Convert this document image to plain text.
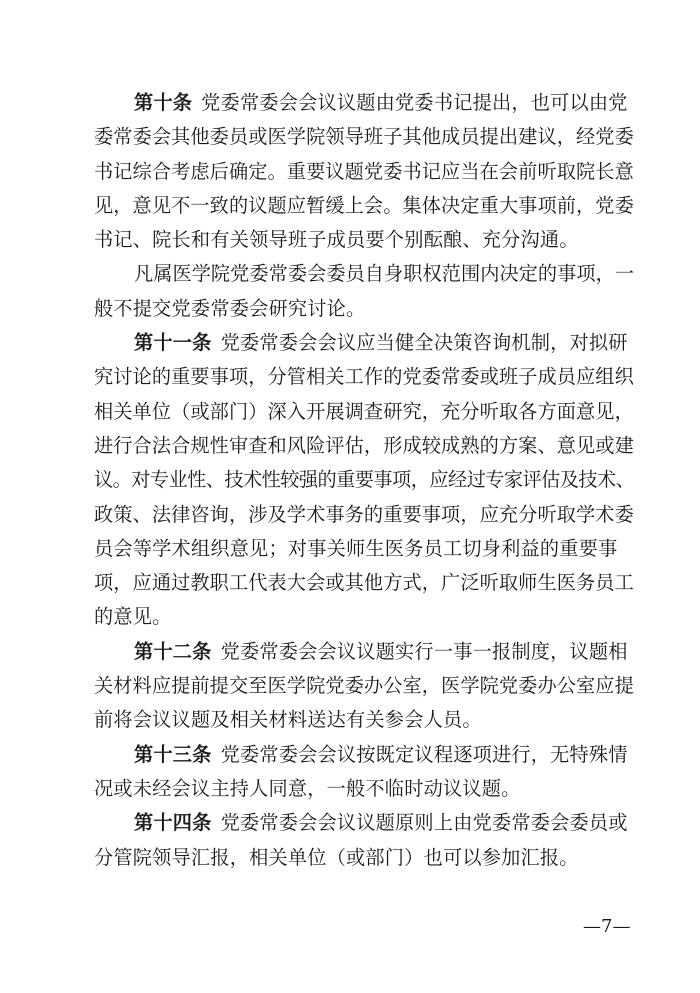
第十条 党委常委会会议议题由党委书记提出，也可以由党
委常委会其他委员或医学院领导班子其他成员提出建议，经党委
书记综合考虑后确定。重要议题党委书记应当在会前听取院长意
见，意见不一致的议题应暂缓上会。集体决定重大事项前，党委
书记、院长和有关领导班子成员要个别酝酿、充分沟通。
凡属医学院党委常委会委员自身职权范围内决定的事项，一
般不提交党委常委会研究讨论。
第十一条 党委常委会会议应当健全决策咨询机制，对拟研
究讨论的重要事项，分管相关工作的党委常委或班子成员应组织
相关单位（或部门）深入开展调查研究，充分听取各方面意见，
进行合法合规性审查和风险评估，形成较成熟的方案、意见或建
议。对专业性、技术性较强的重要事项，应经过专家评估及技术、
政策、法律咨询，涉及学术事务的重要事项，应充分听取学术委
员会等学术组织意见；对事关师生医务员工切身利益的重要事
项，应通过教职工代表大会或其他方式，广泛听取师生医务员工
的意见。
第十二条 党委常委会会议议题实行一事一报制度，议题相
关材料应提前提交至医学院党委办公室，医学院党委办公室应提
前将会议议题及相关材料送达有关参会人员。
第十三条 党委常委会会议按既定议程逐项进行，无特殊情
况或未经会议主持人同意，一般不临时动议议题。
第十四条 党委常委会会议议题原则上由党委常委会委员或
分管院领导汇报，相关单位（或部门）也可以参加汇报。
—7—
